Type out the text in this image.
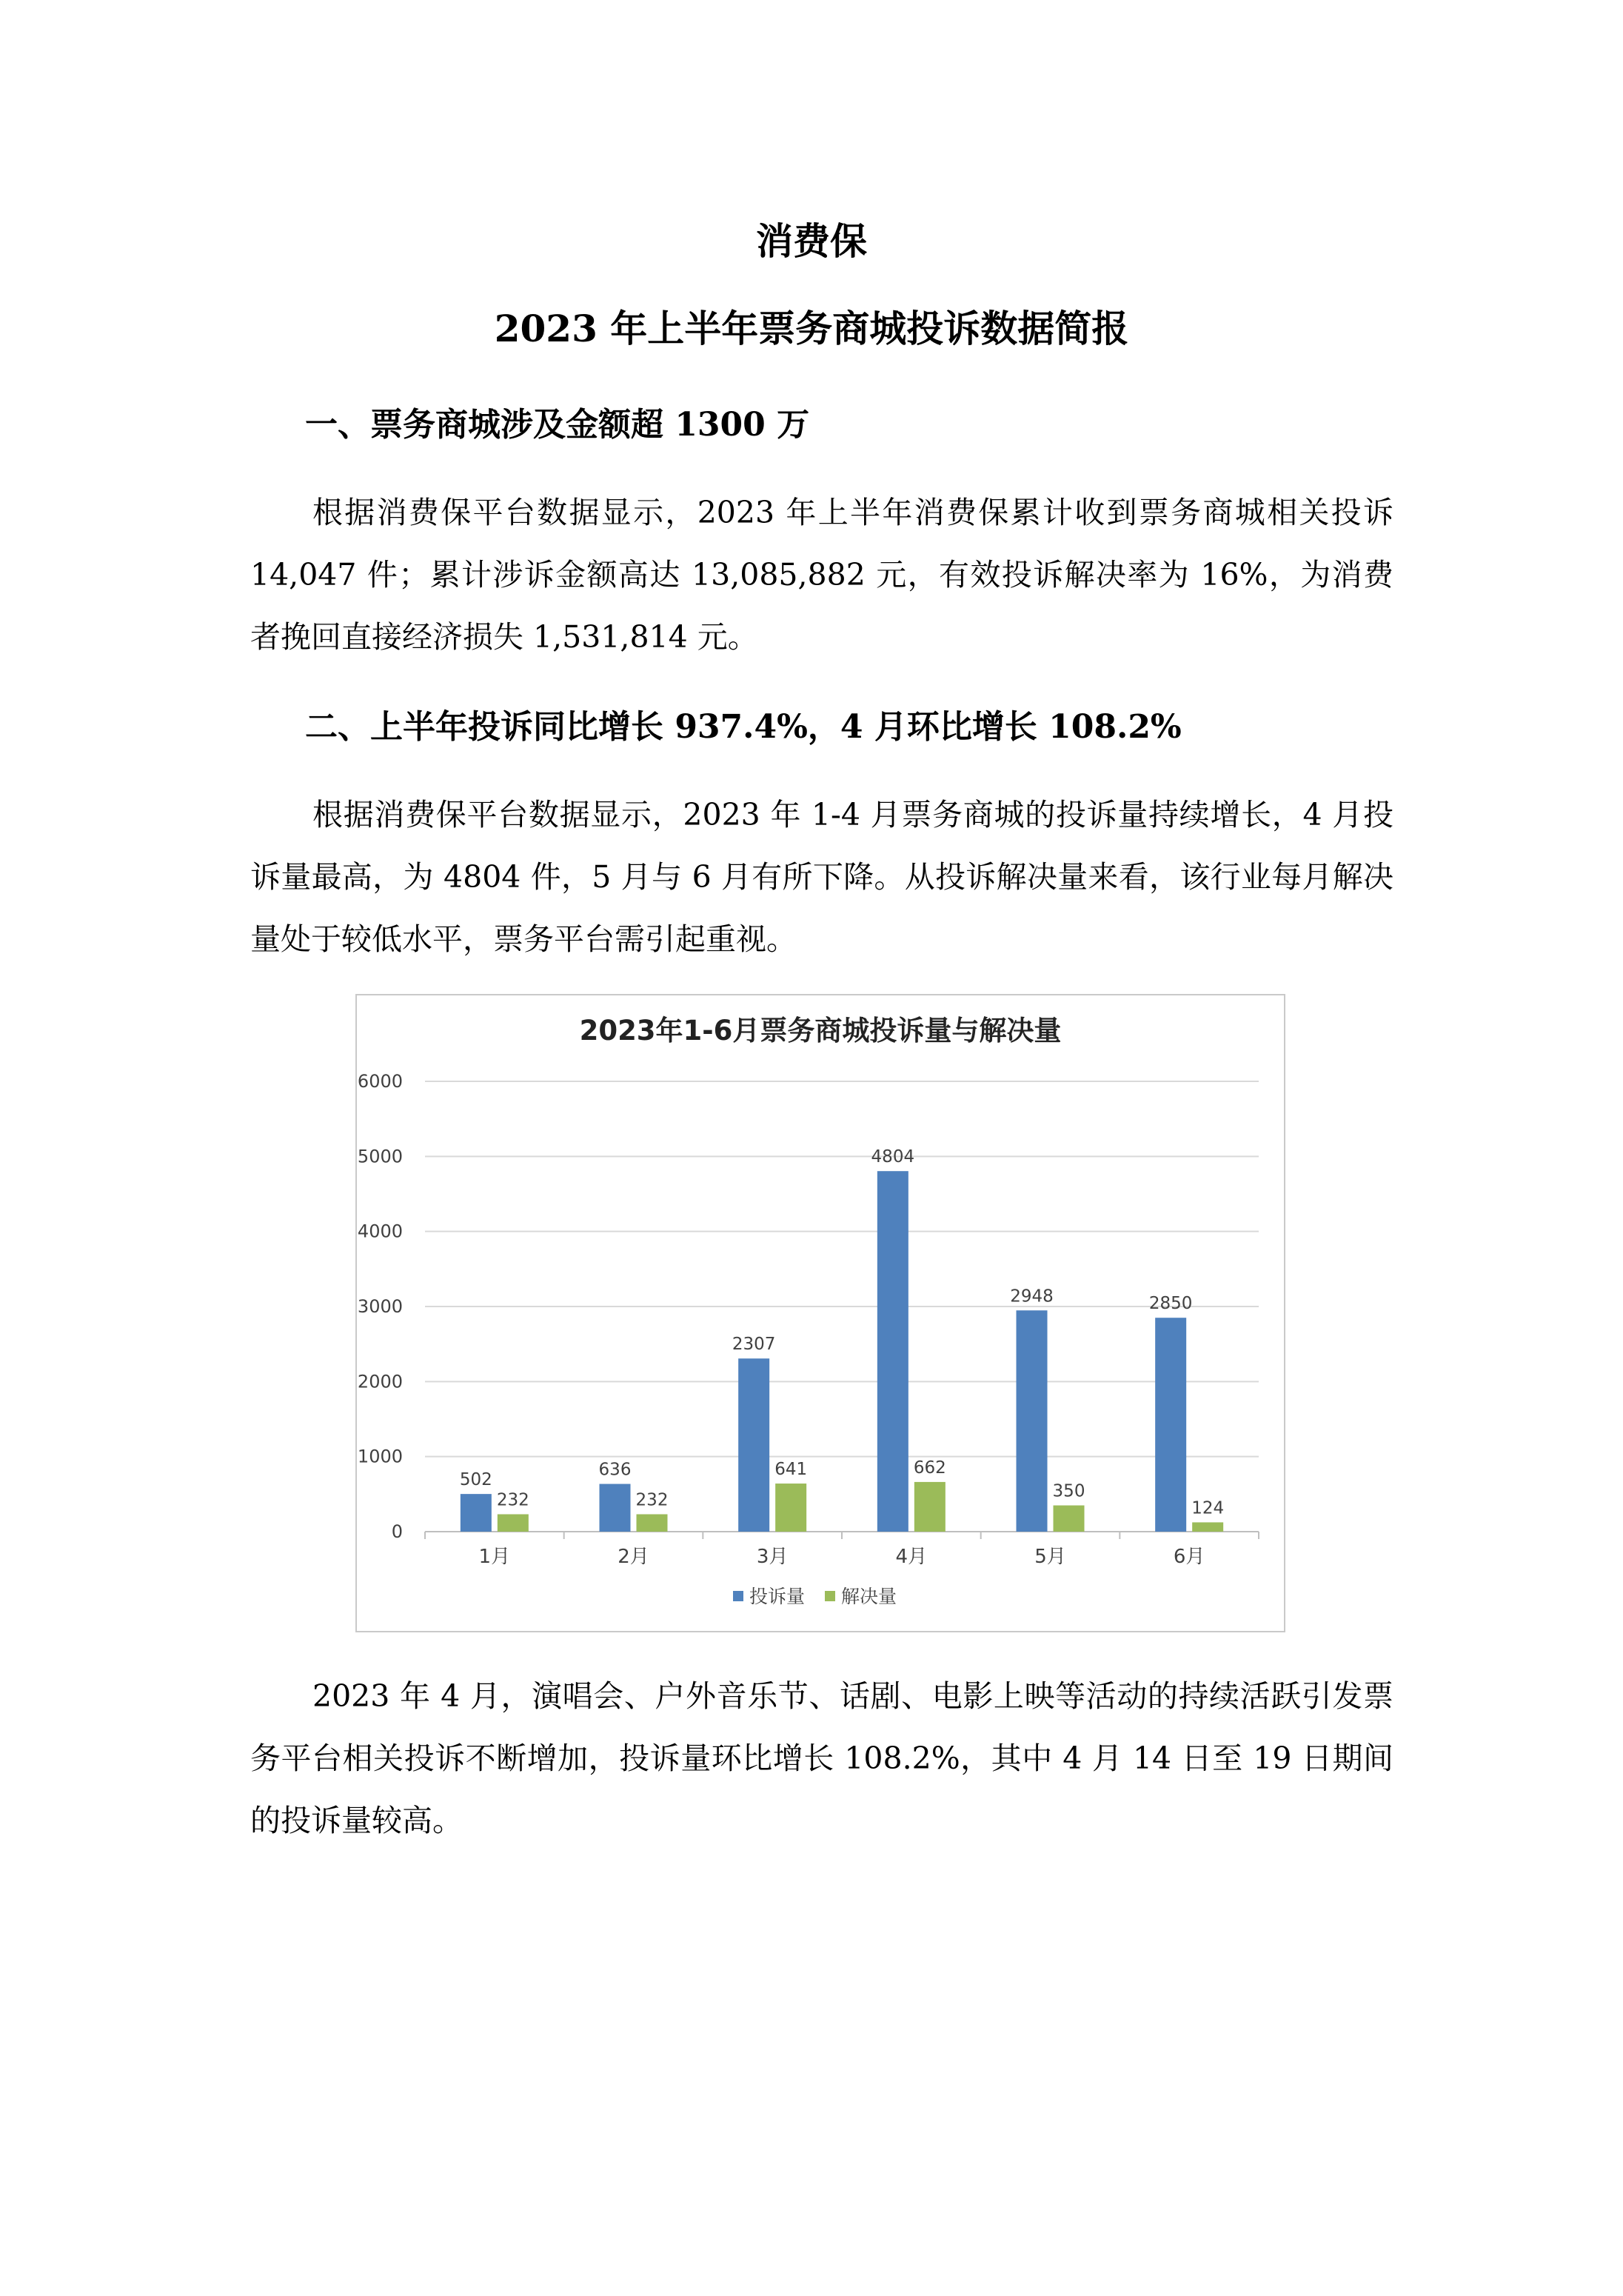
消费保
2023 年上半年票务商城投诉数据简报
一、票务商城涉及金额超 1300 万

根据消费保平台数据显示，2023 年上半年消费保累计收到票务商城相关投诉 14,047 件；累计涉诉金额高达 13,085,882 元，有效投诉解决率为 16%，为消费者挽回直接经济损失 1,531,814 元。

二、上半年投诉同比增长 937.4%，4 月环比增长 108.2%

根据消费保平台数据显示，2023 年 1-4 月票务商城的投诉量持续增长，4 月投诉量最高，为 4804 件，5 月与 6 月有所下降。从投诉解决量来看，该行业每月解决量处于较低水平，票务平台需引起重视。

2023年1-6月票务商城投诉量与解决量
0
1000
2000
3000
4000
5000
6000
1月	2月	3月	4月	5月	6月
502
232
636
232
2307
641
4804
662
2948
350
2850
124
投诉量 解决量

2023 年 4 月，演唱会、户外音乐节、话剧、电影上映等活动的持续活跃引发票务平台相关投诉不断增加，投诉量环比增长 108.2%，其中 4 月 14 日至 19 日期间的投诉量较高。
